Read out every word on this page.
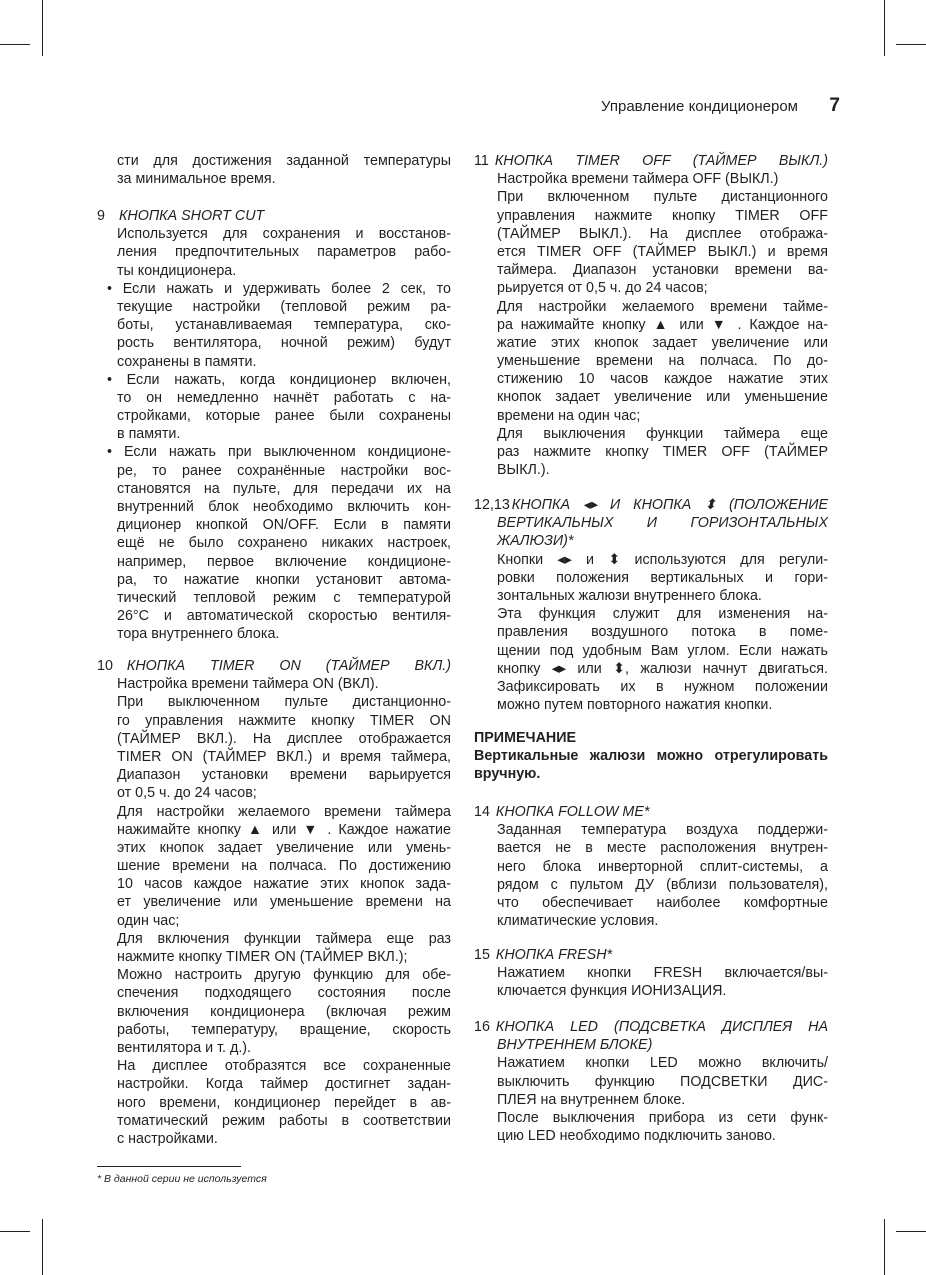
Управление кондиционером 7
сти для достижения заданной температуры
за минимальное время.
9 КНОПКА SHORT CUT
Используется для сохранения и восстанов-
ления предпочтительных параметров рабо-
ты кондиционера.
• Если нажать и удерживать более 2 сек, то
текущие настройки (тепловой режим ра-
боты, устанавливаемая температура, ско-
рость вентилятора, ночной режим) будут
сохранены в памяти.
• Если нажать, когда кондиционер включен,
то он немедленно начнёт работать с на-
стройками, которые ранее были сохранены
в памяти.
• Если нажать при выключенном кондиционе-
ре, то ранее сохранённые настройки вос-
становятся на пульте, для передачи их на
внутренний блок необходимо включить кон-
диционер кнопкой ON/OFF. Если в памяти
ещё не было сохранено никаких настроек,
например, первое включение кондиционе-
ра, то нажатие кнопки установит автома-
тический тепловой режим с температурой
26°C и автоматической скоростью вентиля-
тора внутреннего блока.
10 КНОПКА TIMER ON (ТАЙМЕР ВКЛ.)
Настройка времени таймера ON (ВКЛ).
При выключенном пульте дистанционно-
го управления нажмите кнопку TIMER ON
(ТАЙМЕР ВКЛ.). На дисплее отображается
TIMER ON (ТАЙМЕР ВКЛ.) и время таймера,
Диапазон установки времени варьируется
от 0,5 ч. до 24 часов;
Для настройки желаемого времени таймера
нажимайте кнопку ▲ или ▼ . Каждое нажатие
этих кнопок задает увеличение или умень-
шение времени на полчаса. По достижению
10 часов каждое нажатие этих кнопок зада-
ет увеличение или уменьшение времени на
один час;
Для включения функции таймера еще раз
нажмите кнопку TIMER ON (ТАЙМЕР ВКЛ.);
Можно настроить другую функцию для обе-
спечения подходящего состояния после
включения кондиционера (включая режим
работы, температуру, вращение, скорость
вентилятора и т. д.).
На дисплее отобразятся все сохраненные
настройки. Когда таймер достигнет задан-
ного времени, кондиционер перейдет в ав-
томатический режим работы в соответствии
с настройками.
11 КНОПКА TIMER OFF (ТАЙМЕР ВЫКЛ.)
Настройка времени таймера OFF (ВЫКЛ.)
При включенном пульте дистанционного
управления нажмите кнопку TIMER OFF
(ТАЙМЕР ВЫКЛ.). На дисплее отобража-
ется TIMER OFF (ТАЙМЕР ВЫКЛ.) и время
таймера. Диапазон установки времени ва-
рьируется от 0,5 ч. до 24 часов;
Для настройки желаемого времени тайме-
ра нажимайте кнопку ▲ или ▼ . Каждое на-
жатие этих кнопок задает увеличение или
уменьшение времени на полчаса. По до-
стижению 10 часов каждое нажатие этих
кнопок задает увеличение или уменьшение
времени на один час;
Для выключения функции таймера еще
раз нажмите кнопку TIMER OFF (ТАЙМЕР
ВЫКЛ.).
12,13 КНОПКА ◂▸ И КНОПКА ⬍ (ПОЛОЖЕНИЕ
ВЕРТИКАЛЬНЫХ И ГОРИЗОНТАЛЬНЫХ
ЖАЛЮЗИ)*
Кнопки ◂▸ и ⬍ используются для регули-
ровки положения вертикальных и гори-
зонтальных жалюзи внутреннего блока.
Эта функция служит для изменения на-
правления воздушного потока в поме-
щении под удобным Вам углом. Если нажать
кнопку ◂▸ или ⬍, жалюзи начнут двигаться.
Зафиксировать их в нужном положении
можно путем повторного нажатия кнопки.
ПРИМЕЧАНИЕ
Вертикальные жалюзи можно отрегулировать
вручную.
14 КНОПКА FOLLOW ME*
Заданная температура воздуха поддержи-
вается не в месте расположения внутрен-
него блока инверторной сплит-системы, а
рядом с пультом ДУ (вблизи пользователя),
что обеспечивает наиболее комфортные
климатические условия.
15 КНОПКА FRESH*
Нажатием кнопки FRESH включается/вы-
ключается функция ИОНИЗАЦИЯ.
16 КНОПКА LED (ПОДСВЕТКА ДИСПЛЕЯ НА
ВНУТРЕННЕМ БЛОКЕ)
Нажатием кнопки LED можно включить/
выключить функцию ПОДСВЕТКИ ДИС-
ПЛЕЯ на внутреннем блоке.
После выключения прибора из сети функ-
цию LED необходимо подключить заново.
* В данной серии не используется
